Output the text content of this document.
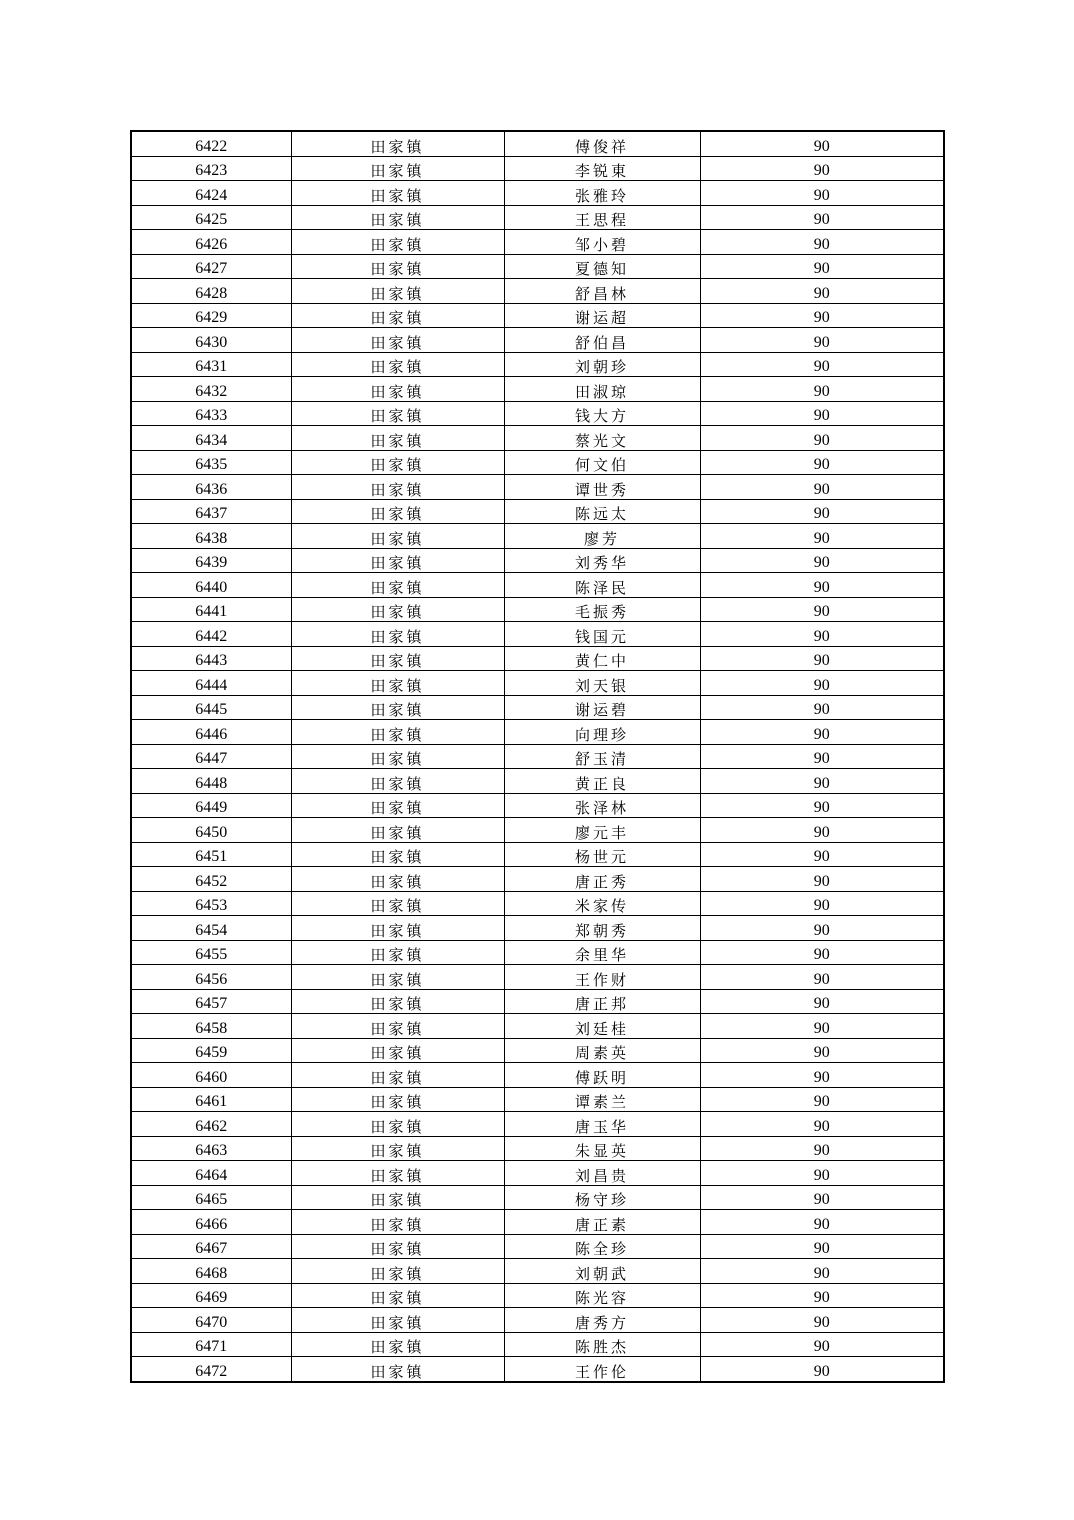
6422	田家镇	傅俊祥	90
6423	田家镇	李锐東	90
6424	田家镇	张雅玲	90
6425	田家镇	王思程	90
6426	田家镇	邹小碧	90
6427	田家镇	夏德知	90
6428	田家镇	舒昌林	90
6429	田家镇	谢运超	90
6430	田家镇	舒伯昌	90
6431	田家镇	刘朝珍	90
6432	田家镇	田淑琼	90
6433	田家镇	钱大方	90
6434	田家镇	蔡光文	90
6435	田家镇	何文伯	90
6436	田家镇	谭世秀	90
6437	田家镇	陈远太	90
6438	田家镇	廖芳	90
6439	田家镇	刘秀华	90
6440	田家镇	陈泽民	90
6441	田家镇	毛振秀	90
6442	田家镇	钱国元	90
6443	田家镇	黄仁中	90
6444	田家镇	刘天银	90
6445	田家镇	谢运碧	90
6446	田家镇	向理珍	90
6447	田家镇	舒玉清	90
6448	田家镇	黄正良	90
6449	田家镇	张泽林	90
6450	田家镇	廖元丰	90
6451	田家镇	杨世元	90
6452	田家镇	唐正秀	90
6453	田家镇	米家传	90
6454	田家镇	郑朝秀	90
6455	田家镇	余里华	90
6456	田家镇	王作财	90
6457	田家镇	唐正邦	90
6458	田家镇	刘廷桂	90
6459	田家镇	周素英	90
6460	田家镇	傅跃明	90
6461	田家镇	谭素兰	90
6462	田家镇	唐玉华	90
6463	田家镇	朱显英	90
6464	田家镇	刘昌贵	90
6465	田家镇	杨守珍	90
6466	田家镇	唐正素	90
6467	田家镇	陈全珍	90
6468	田家镇	刘朝武	90
6469	田家镇	陈光容	90
6470	田家镇	唐秀方	90
6471	田家镇	陈胜杰	90
6472	田家镇	王作伦	90
